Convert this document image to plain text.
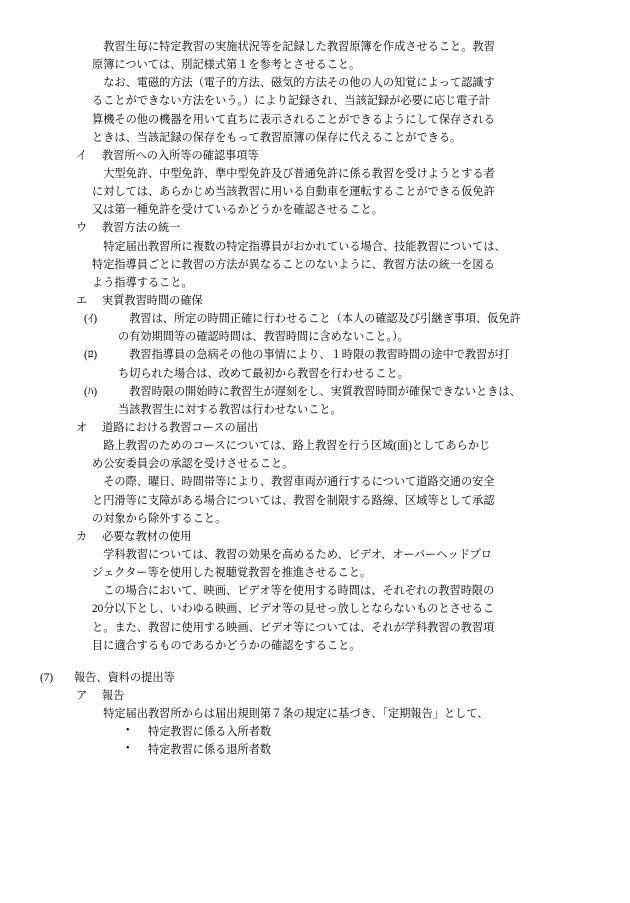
教習生毎に特定教習の実施状況等を記録した教習原簿を作成させること。教習
原簿については、別記様式第１を参考とさせること。
なお、電磁的方法（電子的方法、磁気的方法その他の人の知覚によって認識す
ることができない方法をいう。）により記録され、当該記録が必要に応じ電子計
算機その他の機器を用いて直ちに表示されることができるようにして保存される
ときは、当該記録の保存をもって教習原簿の保存に代えることができる。
イ	教習所への入所等の確認事項等
大型免許、中型免許、準中型免許及び普通免許に係る教習を受けようとする者
に対しては、あらかじめ当該教習に用いる自動車を運転することができる仮免許
又は第一種免許を受けているかどうかを確認させること。
ウ	教習方法の統一
特定届出教習所に複数の特定指導員がおかれている場合、技能教習については、
特定指導員ごとに教習の方法が異なることのないように、教習方法の統一を図る
よう指導すること。
エ	実質教習時間の確保
(ｲ)	教習は、所定の時間正確に行わせること（本人の確認及び引継ぎ事項、仮免許
の有効期間等の確認時間は、教習時間に含めないこと。）。
(ﾛ)	教習指導員の急病その他の事情により、１時限の教習時間の途中で教習が打
ち切られた場合は、改めて最初から教習を行わせること。
(ﾊ)	教習時限の開始時に教習生が遅刻をし、実質教習時間が確保できないときは、
当該教習生に対する教習は行わせないこと。
オ	道路における教習コースの届出
路上教習のためのコースについては、路上教習を行う区域(面)としてあらかじ
め公安委員会の承認を受けさせること。
その際、曜日、時間帯等により、教習車両が通行するについて道路交通の安全
と円滑等に支障がある場合については、教習を制限する路線、区域等として承認
の対象から除外すること。
カ	必要な教材の使用
学科教習については、教習の効果を高めるため、ビデオ、オーバーヘッドプロ
ジェクター等を使用した視聴覚教習を推進させること。
この場合において、映画、ビデオ等を使用する時間は、それぞれの教習時限の
20分以下とし、いわゆる映画、ビデオ等の見せっ放しとならないものとさせるこ
と。また、教習に使用する映画、ビデオ等については、それが学科教習の教習項
目に適合するものであるかどうかの確認をすること。
(7)	報告、資料の提出等
ア	報告
特定届出教習所からは届出規則第７条の規定に基づき、「定期報告」として、
•	特定教習に係る入所者数
•	特定教習に係る退所者数
